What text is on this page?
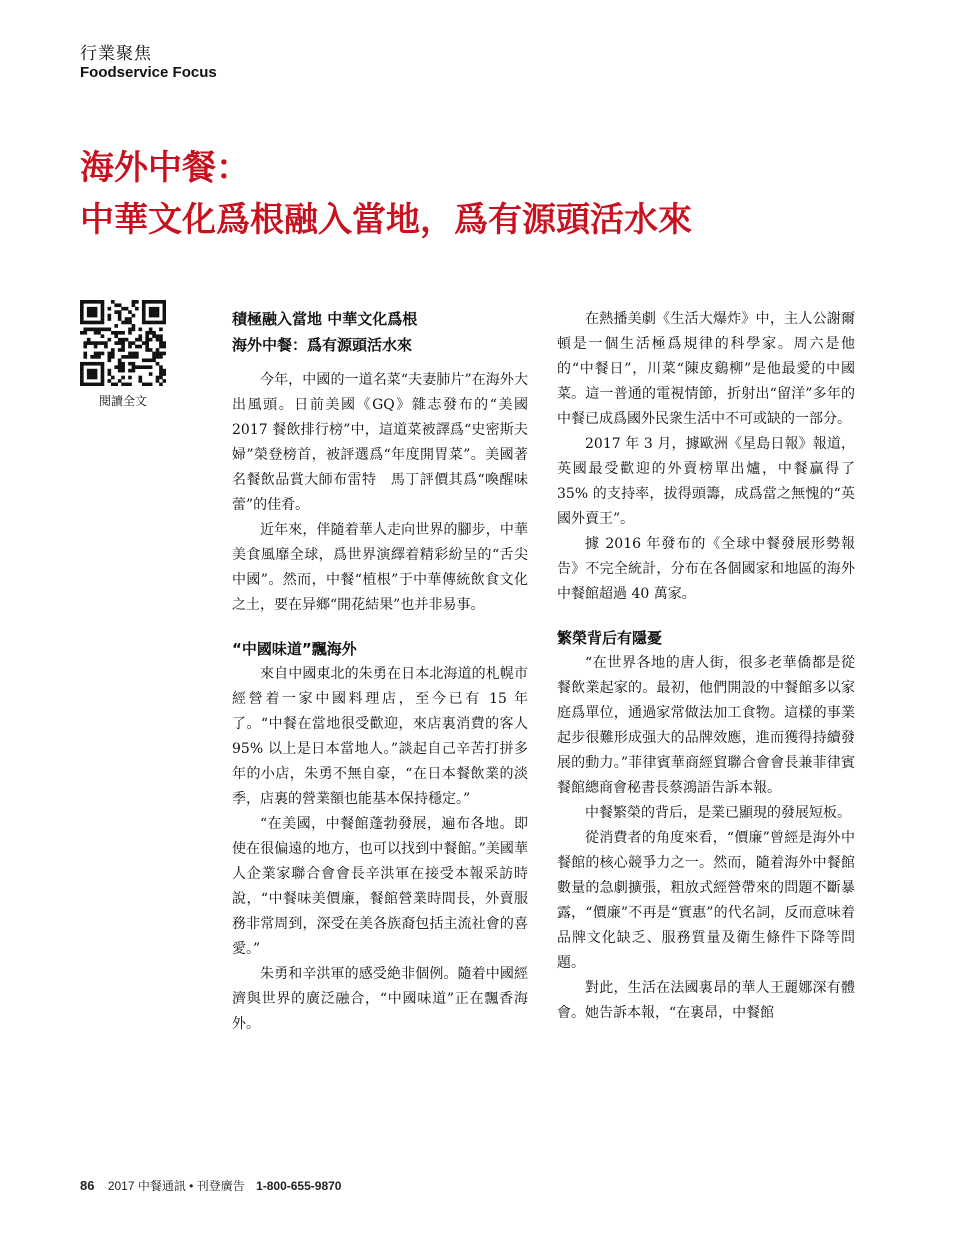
行業聚焦
Foodservice Focus
海外中餐：
中華文化爲根融入當地，爲有源頭活水來
閱讀全文

積極融入當地 中華文化爲根

海外中餐：爲有源頭活水來

今年，中國的一道名菜“夫妻肺片”在海外大出風頭。日前美國《GQ》雜志發布的“美國 2017 餐飲排行榜”中，這道菜被譯爲“史密斯夫婦”榮登榜首，被評選爲“年度開胃菜”。美國著名餐飲品賞大師布雷特　馬丁評價其爲“喚醒味蕾”的佳肴。

近年來，伴隨着華人走向世界的腳步，中華美食風靡全球，爲世界演繹着精彩紛呈的“舌尖中國”。然而，中餐“植根”于中華傳統飲食文化之土，要在异鄉“開花結果”也并非易事。

“中國味道”飄海外

來自中國東北的朱勇在日本北海道的札幌市經營着一家中國料理店，至今已有 15 年了。“中餐在當地很受歡迎，來店裏消費的客人 95% 以上是日本當地人。”談起自己辛苦打拼多年的小店，朱勇不無自豪，“在日本餐飲業的淡季，店裏的營業額也能基本保持穩定。”

“在美國，中餐館蓬勃發展，遍布各地。即使在很偏遠的地方，也可以找到中餐館。”美國華人企業家聯合會會長辛洪軍在接受本報采訪時說，“中餐味美價廉，餐館營業時間長，外賣服務非常周到，深受在美各族裔包括主流社會的喜愛。”

朱勇和辛洪軍的感受絶非個例。隨着中國經濟與世界的廣泛融合，“中國味道”正在飄香海外。

在熱播美劇《生活大爆炸》中，主人公謝爾頓是一個生活極爲規律的科學家。周六是他的“中餐日”，川菜“陳皮鷄柳”是他最愛的中國菜。這一普通的電視情節，折射出“留洋”多年的中餐已成爲國外民衆生活中不可或缺的一部分。

2017 年 3 月，據歐洲《星島日報》報道，英國最受歡迎的外賣榜單出爐，中餐贏得了 35% 的支持率，拔得頭籌，成爲當之無愧的“英國外賣王”。

據 2016 年發布的《全球中餐發展形勢報告》不完全統計，分布在各個國家和地區的海外中餐館超過 40 萬家。

繁榮背后有隱憂

“在世界各地的唐人街，很多老華僑都是從餐飲業起家的。最初，他們開設的中餐館多以家庭爲單位，通過家常做法加工食物。這樣的事業起步很難形成强大的品牌效應，進而獲得持續發展的動力。”菲律賓華商經貿聯合會會長兼菲律賓餐館總商會秘書長蔡鴻語告訴本報。

中餐繁榮的背后，是業已顯現的發展短板。

從消費者的角度來看，“價廉”曾經是海外中餐館的核心競爭力之一。然而，隨着海外中餐館數量的急劇擴張，粗放式經營帶來的問題不斷暴露，“價廉”不再是“實惠”的代名詞，反而意味着品牌文化缺乏、服務質量及衛生條件下降等問題。

對此，生活在法國裏昂的華人王麗娜深有體會。她告訴本報，“在裏昂，中餐館

86 2017 中餐通訊 • 刊登廣告 1-800-655-9870
